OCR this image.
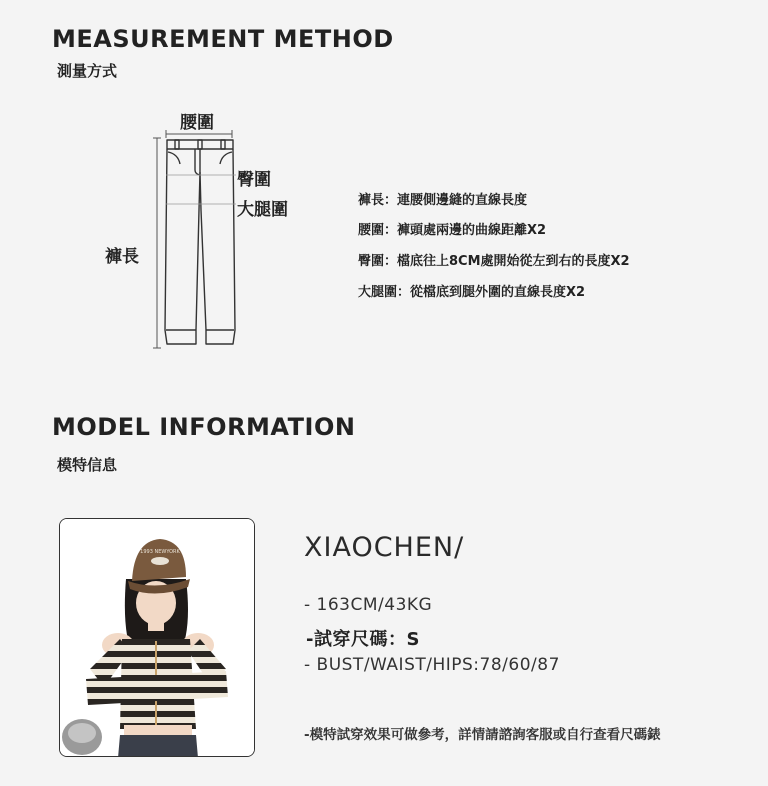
MEASUREMENT METHOD
測量方式
腰圍
臀圍
大腿圍
褲長
褲長：連腰側邊縫的直線長度
腰圍：褲頭處兩邊的曲線距離X2
臀圍：檔底往上8CM處開始從左到右的長度X2
大腿圍：從檔底到腿外圍的直線長度X2
MODEL INFORMATION
模特信息
1993 NEWYORK	XIAOCHEN/
- 163CM/43KG
-試穿尺碼：S
- BUST/WAIST/HIPS:78/60/87
-模特試穿效果可做參考，詳情請諮詢客服或自行查看尺碼錶
